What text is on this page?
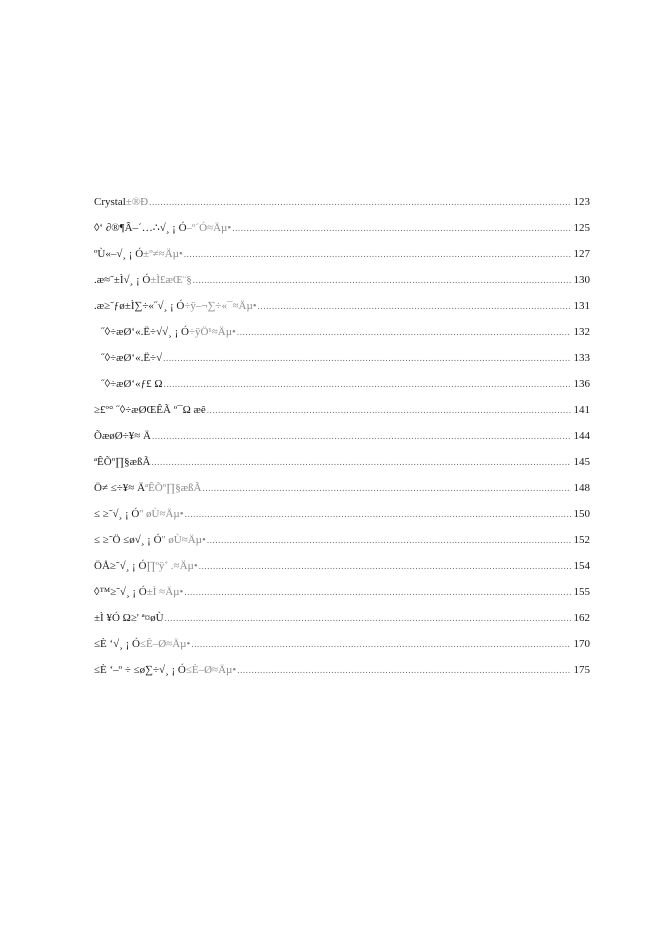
Crystal±®Ð .....	123
◊‘ ∂®¶Â–´…∴√¸ ¡ Ó–º´Ó≈Äµ• .....	125
ºÙ«–√¸ ¡ Ó±º≠≈Äµ• .....	127
.æ≈˜±Ì√¸ ¡ Ó±Ì£æŒ¨§ .....	130
.æ≥˜ƒø±Ì∑÷«˝√¸ ¡ Ó÷ÿ–¬∑÷«¯≈Äµ• .....	131
˝◊÷æØ‘«.Ë÷√√¸ ¡ Ó÷ÿÖ¹≈Äµ• .....	132
˝◊÷æØ‘«.Ë÷√ .....	133
˝◊÷æØ‘«ƒ£ Ω .....	136
≥£º° ˝◊÷æØŒÊÃ º¯Ω æê .....	141
ÕæøØ÷¥≈ Ä .....	144
ªÊÕº∏§æßÃ .....	145
Ö≠ ≤÷¥≈ ÄªÊÕº∏§æßÃ .....	148
≤ ≥˜√¸ ¡ Ó'' øÙ≈Äµ• .....	150
≤ ≥˜Ö ≤ø√¸ ¡ Ó'' øÙ≈Äµ• .....	152
ÖÅ≥˜√¸ ¡ Ó∏ºÿ˚ .≈Äµ• .....	154
◊™≥˜√¸ ¡ Ó±Ì ≈Äµ• .....	155
±Ì ¥Ó Ω≥' ª¤øÙ .....	162
≤È ‘√¸ ¡ Ó≤È–Ø≈Äµ• .....	170
≤È ‘–º ÷ ≤ø∑÷√¸ ¡ Ó≤È–Ø≈Äµ• .....	175
